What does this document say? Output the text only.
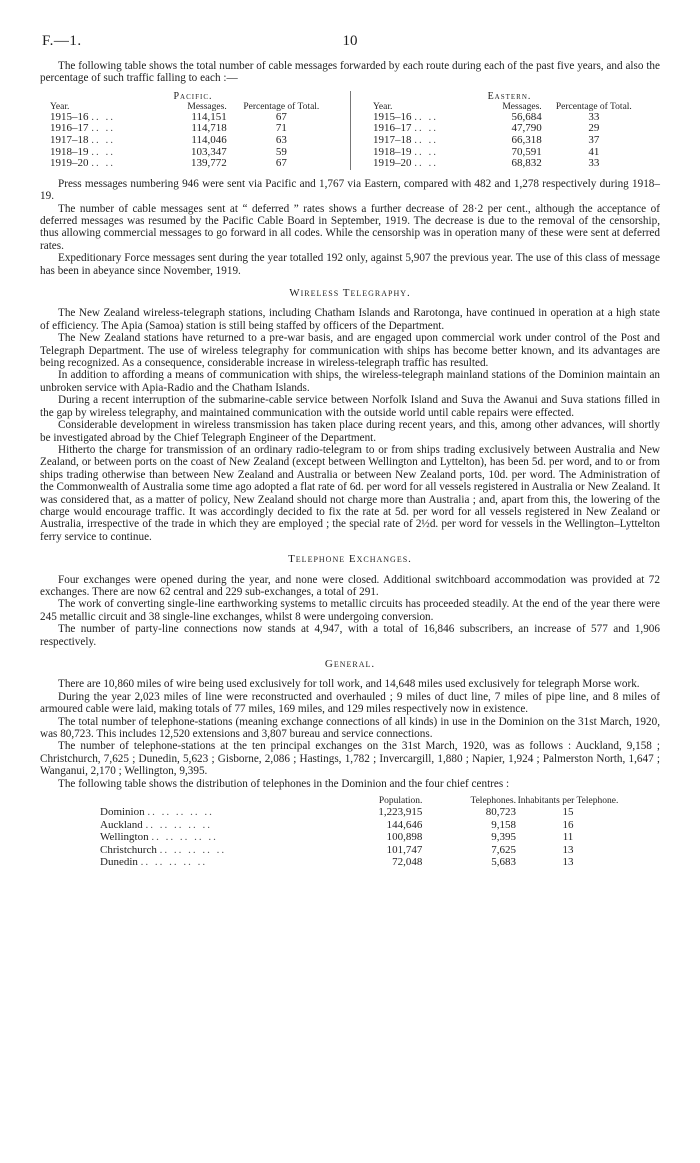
F.—1.	10

The following table shows the total number of cable messages forwarded by each route during each of the past five years, and also the percentage of such traffic falling to each :—

Pacific.
Year.	Messages.	Percentage of Total.
1915–16 .. ..	114,151	67
1916–17 .. ..	114,718	71
1917–18 .. ..	114,046	63
1918–19 .. ..	103,347	59
1919–20 .. ..	139,772	67
Eastern.
Year.	Messages.	Percentage of Total.
1915–16 .. ..	56,684	33
1916–17 .. ..	47,790	29
1917–18 .. ..	66,318	37
1918–19 .. ..	70,591	41
1919–20 .. ..	68,832	33

Press messages numbering 946 were sent via Pacific and 1,767 via Eastern, compared with 482 and 1,278 respectively during 1918–19.

The number of cable messages sent at “ deferred ” rates shows a further decrease of 28·2 per cent., although the acceptance of deferred messages was resumed by the Pacific Cable Board in September, 1919. The decrease is due to the removal of the censorship, thus allowing commercial messages to go forward in all codes. While the censorship was in operation many of these were sent at deferred rates.

Expeditionary Force messages sent during the year totalled 192 only, against 5,907 the previous year. The use of this class of message has been in abeyance since November, 1919.

Wireless Telegraphy.

The New Zealand wireless-telegraph stations, including Chatham Islands and Rarotonga, have continued in operation at a high state of efficiency. The Apia (Samoa) station is still being staffed by officers of the Department.

The New Zealand stations have returned to a pre-war basis, and are engaged upon commercial work under control of the Post and Telegraph Department. The use of wireless telegraphy for communication with ships has become better known, and its advantages are being recognized. As a consequence, considerable increase in wireless-telegraph traffic has resulted.

In addition to affording a means of communication with ships, the wireless-telegraph mainland stations of the Dominion maintain an unbroken service with Apia-Radio and the Chatham Islands.

During a recent interruption of the submarine-cable service between Norfolk Island and Suva the Awanui and Suva stations filled in the gap by wireless telegraphy, and maintained communication with the outside world until cable repairs were effected.

Considerable development in wireless transmission has taken place during recent years, and this, among other advances, will shortly be investigated abroad by the Chief Telegraph Engineer of the Department.

Hitherto the charge for transmission of an ordinary radio-telegram to or from ships trading exclusively between Australia and New Zealand, or between ports on the coast of New Zealand (except between Wellington and Lyttelton), has been 5d. per word, and to or from ships trading otherwise than between New Zealand and Australia or between New Zealand ports, 10d. per word. The Administration of the Commonwealth of Australia some time ago adopted a flat rate of 6d. per word for all vessels registered in Australia or New Zealand. It was considered that, as a matter of policy, New Zealand should not charge more than Australia ; and, apart from this, the lowering of the charge would encourage traffic. It was accordingly decided to fix the rate at 5d. per word for all vessels registered in New Zealand or Australia, irrespective of the trade in which they are employed ; the special rate of 2½d. per word for vessels in the Wellington–Lyttelton ferry service to continue.

Telephone Exchanges.

Four exchanges were opened during the year, and none were closed. Additional switchboard accommodation was provided at 72 exchanges. There are now 62 central and 229 sub-exchanges, a total of 291.

The work of converting single-line earthworking systems to metallic circuits has proceeded steadily. At the end of the year there were 245 metallic circuit and 38 single-line exchanges, whilst 8 were undergoing conversion.

The number of party-line connections now stands at 4,947, with a total of 16,846 subscribers, an increase of 577 and 1,906 respectively.

General.

There are 10,860 miles of wire being used exclusively for toll work, and 14,648 miles used exclusively for telegraph Morse work.

During the year 2,023 miles of line were reconstructed and overhauled ; 9 miles of duct line, 7 miles of pipe line, and 8 miles of armoured cable were laid, making totals of 77 miles, 169 miles, and 129 miles respectively now in existence.

The total number of telephone-stations (meaning exchange connections of all kinds) in use in the Dominion on the 31st March, 1920, was 80,723. This includes 12,520 extensions and 3,807 bureau and service connections.

The number of telephone-stations at the ten principal exchanges on the 31st March, 1920, was as follows : Auckland, 9,158 ; Christchurch, 7,625 ; Dunedin, 5,623 ; Gisborne, 2,086 ; Hastings, 1,782 ; Invercargill, 1,880 ; Napier, 1,924 ; Palmerston North, 1,647 ; Wanganui, 2,170 ; Wellington, 9,395.

The following table shows the distribution of telephones in the Dominion and the four chief centres :

	Population.	Telephones.	Inhabitants per Telephone.
Dominion .. .. .. .. ..	1,223,915	80,723	15
Auckland .. .. .. .. ..	144,646	9,158	16
Wellington .. .. .. .. ..	100,898	9,395	11
Christchurch .. .. .. .. ..	101,747	7,625	13
Dunedin .. .. .. .. ..	72,048	5,683	13
